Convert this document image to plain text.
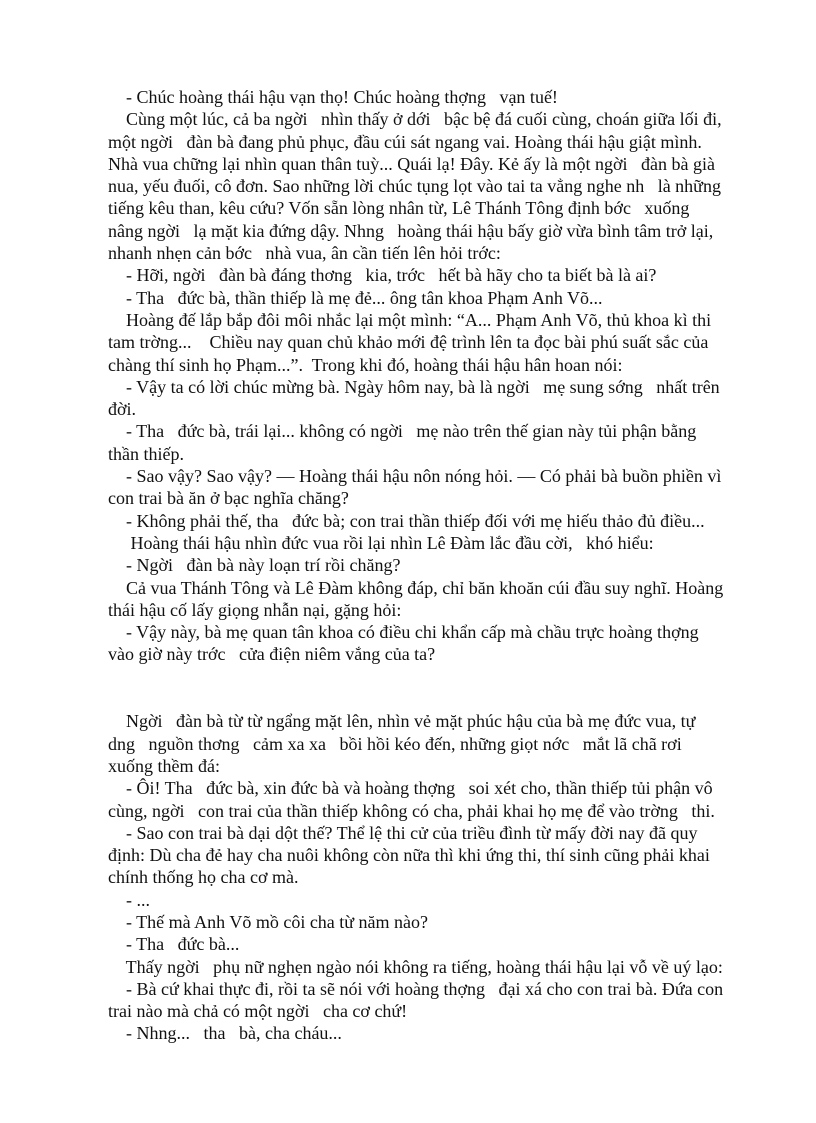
- Chúc hoàng thái hậu vạn thọ! Chúc hoàng thợng   vạn tuế!
Cùng một lúc, cả ba ngời   nhìn thấy ở dới   bậc bệ đá cuối cùng, choán giữa lối đi,
một ngời   đàn bà đang phủ phục, đầu cúi sát ngang vai. Hoàng thái hậu giật mình.
Nhà vua chững lại nhìn quan thân tuỳ... Quái lạ! Đây. Kẻ ấy là một ngời   đàn bà già
nua, yếu đuối, cô đơn. Sao những lời chúc tụng lọt vào tai ta vẳng nghe nh   là những
tiếng kêu than, kêu cứu? Vốn sẵn lòng nhân từ, Lê Thánh Tông định bớc   xuống
nâng ngời   lạ mặt kia đứng dậy. Nhng   hoàng thái hậu bấy giờ vừa bình tâm trở lại,
nhanh nhẹn cản bớc   nhà vua, ân cần tiến lên hỏi trớc:
- Hỡi, ngời   đàn bà đáng thơng   kia, trớc   hết bà hãy cho ta biết bà là ai?
- Tha   đức bà, thần thiếp là mẹ đẻ... ông tân khoa Phạm Anh Võ...
Hoàng đế lắp bắp đôi môi nhắc lại một mình: “A... Phạm Anh Võ, thủ khoa kì thi
tam trờng...    Chiều nay quan chủ khảo mới đệ trình lên ta đọc bài phú suất sắc của
chàng thí sinh họ Phạm...”.  Trong khi đó, hoàng thái hậu hân hoan nói:
- Vậy ta có lời chúc mừng bà. Ngày hôm nay, bà là ngời   mẹ sung sớng   nhất trên
đời.
- Tha   đức bà, trái lại... không có ngời   mẹ nào trên thế gian này tủi phận bằng
thần thiếp.
- Sao vậy? Sao vậy? — Hoàng thái hậu nôn nóng hỏi. — Có phải bà buồn phiền vì
con trai bà ăn ở bạc nghĩa chăng?
- Không phải thế, tha   đức bà; con trai thần thiếp đối với mẹ hiếu thảo đủ điều...
Hoàng thái hậu nhìn đức vua rồi lại nhìn Lê Đàm lắc đầu cời,   khó hiểu:
- Ngời   đàn bà này loạn trí rồi chăng?
Cả vua Thánh Tông và Lê Đàm không đáp, chỉ băn khoăn cúi đầu suy nghĩ. Hoàng
thái hậu cố lấy giọng nhẫn nại, gặng hỏi:
- Vậy này, bà mẹ quan tân khoa có điều chi khẩn cấp mà chầu trực hoàng thợng
vào giờ này trớc   cửa điện niêm vắng của ta?
Ngời   đàn bà từ từ ngẩng mặt lên, nhìn vẻ mặt phúc hậu của bà mẹ đức vua, tự
dng   nguồn thơng   cảm xa xa   bồi hồi kéo đến, những giọt nớc   mắt lã chã rơi
xuống thềm đá:
- Ôi! Tha   đức bà, xin đức bà và hoàng thợng   soi xét cho, thần thiếp tủi phận vô
cùng, ngời   con trai của thần thiếp không có cha, phải khai họ mẹ để vào trờng   thi.
- Sao con trai bà dại dột thế? Thể lệ thi cử của triều đình từ mấy đời nay đã quy
định: Dù cha đẻ hay cha nuôi không còn nữa thì khi ứng thi, thí sinh cũng phải khai
chính thống họ cha cơ mà.
- ...
- Thế mà Anh Võ mồ côi cha từ năm nào?
- Tha   đức bà...
Thấy ngời   phụ nữ nghẹn ngào nói không ra tiếng, hoàng thái hậu lại vỗ về uý lạo:
- Bà cứ khai thực đi, rồi ta sẽ nói với hoàng thợng   đại xá cho con trai bà. Đứa con
trai nào mà chả có một ngời   cha cơ chứ!
- Nhng...   tha   bà, cha cháu...
